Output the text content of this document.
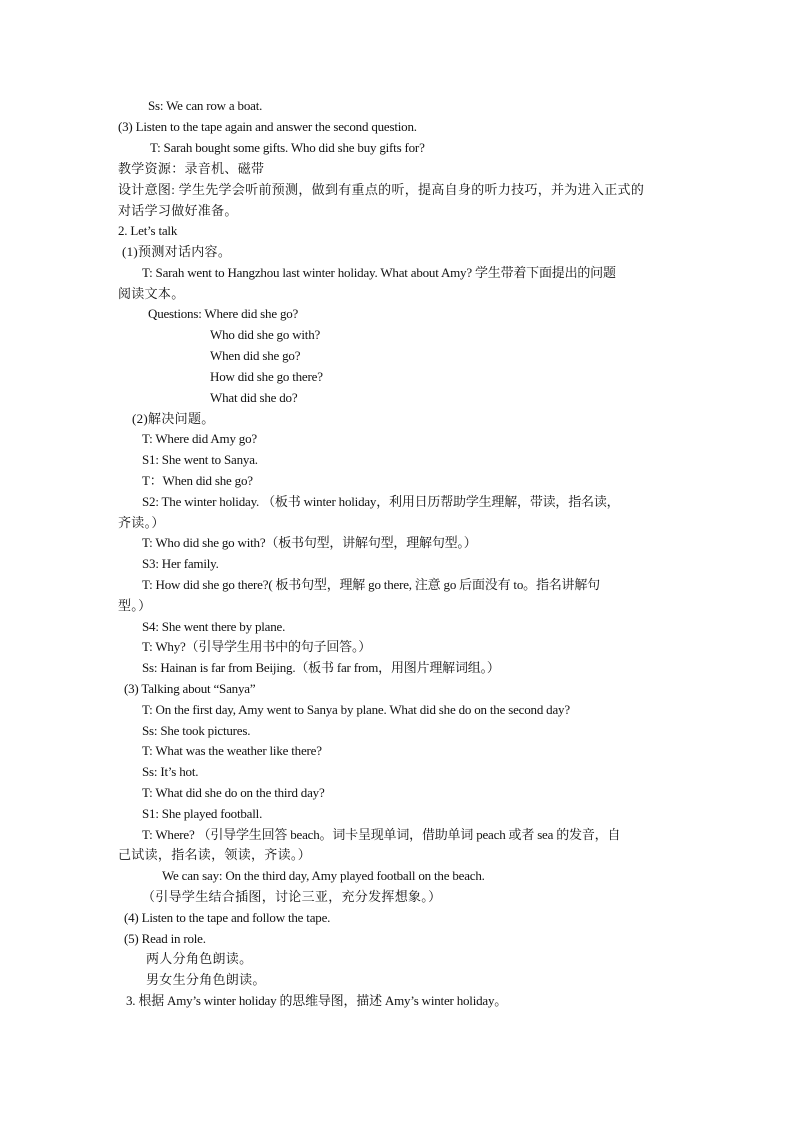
Ss: We can row a boat.
(3) Listen to the tape again and answer the second question.
T: Sarah bought some gifts. Who did she buy gifts for?
教学资源：录音机、磁带
设计意图: 学生先学会听前预测，做到有重点的听，提高自身的听力技巧，并为进入正式的
对话学习做好准备。
2. Let’s talk
(1)预测对话内容。
T: Sarah went to Hangzhou last winter holiday. What about Amy? 学生带着下面提出的问题
阅读文本。
Questions: Where did she go?
Who did she go with?
When did she go?
How did she go there?
What did she do?
(2)解决问题。
T: Where did Amy go?
S1: She went to Sanya.
T：When did she go?
S2: The winter holiday. （板书 winter holiday，利用日历帮助学生理解，带读，指名读，
齐读。）
T: Who did she go with?（板书句型，讲解句型，理解句型。）
S3: Her family.
T: How did she go there?( 板书句型，理解 go there, 注意 go 后面没有 to。指名讲解句
型。）
S4: She went there by plane.
T: Why?（引导学生用书中的句子回答。）
Ss: Hainan is far from Beijing.（板书 far from，用图片理解词组。）
(3) Talking about “Sanya”
T: On the first day, Amy went to Sanya by plane. What did she do on the second day?
Ss: She took pictures.
T: What was the weather like there?
Ss: It’s hot.
T: What did she do on the third day?
S1: She played football.
T: Where? （引导学生回答 beach。词卡呈现单词，借助单词 peach 或者 sea 的发音，自
己试读，指名读，领读，齐读。）
We can say: On the third day, Amy played football on the beach.
（引导学生结合插图，讨论三亚，充分发挥想象。）
(4) Listen to the tape and follow the tape.
(5) Read in role.
两人分角色朗读。
男女生分角色朗读。
3. 根据 Amy’s winter holiday 的思维导图，描述 Amy’s winter holiday。
